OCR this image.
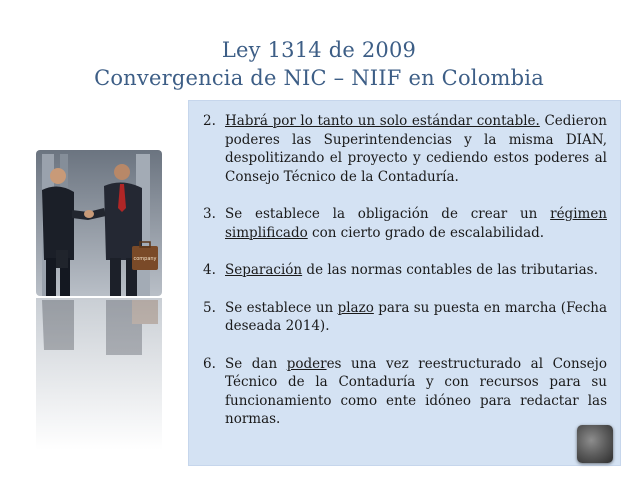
Ley 1314 de 2009
Convergencia de NIC – NIIF en Colombia
company
2. Habrá por lo tanto un solo estándar contable. Cedieron poderes las Superintendencias y la misma DIAN, despolitizando el proyecto y cediendo estos poderes al Consejo Técnico de la Contaduría.
3. Se establece la obligación de crear un régimen simplificado con cierto grado de escalabilidad.
4. Separación de las normas contables de las tributarias.
5. Se establece un plazo para su puesta en marcha (Fecha deseada 2014).
6. Se dan poderes una vez reestructurado al Consejo Técnico de la Contaduría y con recursos para su funcionamiento como ente idóneo para redactar las normas.
